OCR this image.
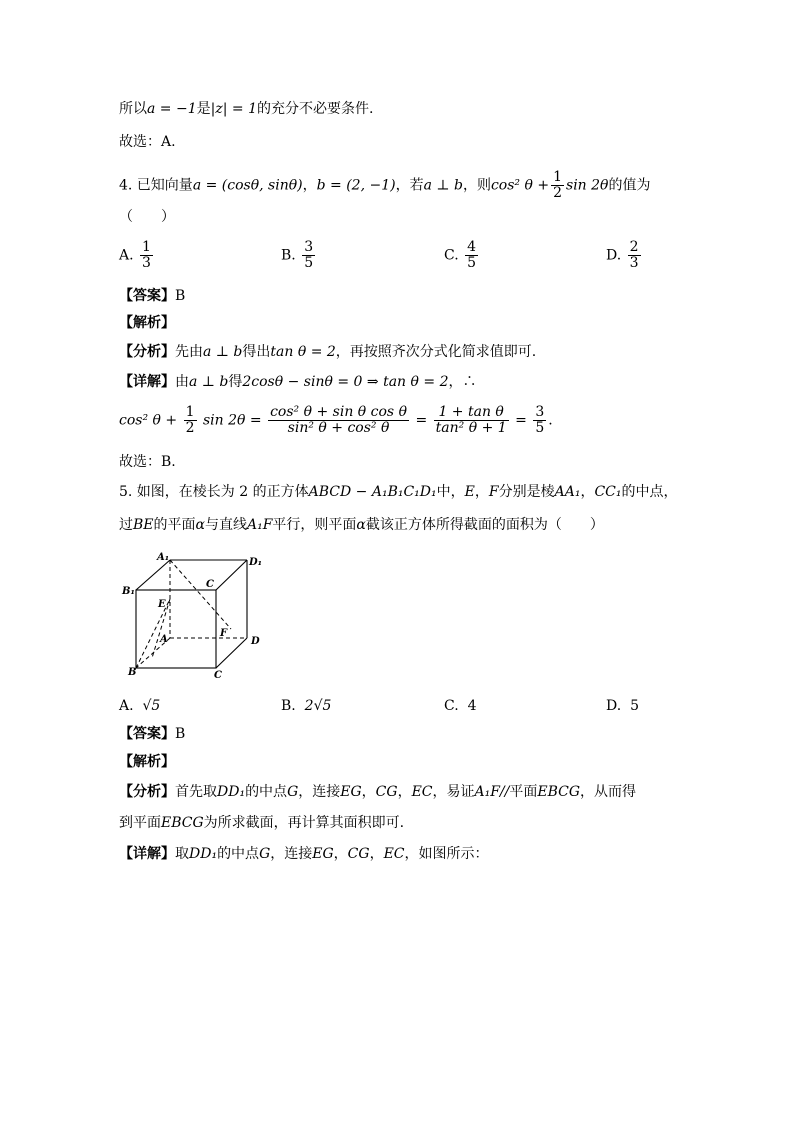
所以a = −1是|z| = 1的充分不必要条件.
故选：A.
4. 已知向量a = (cosθ, sinθ)，b = (2, −1)，若a ⊥ b，则cos² $\theta + \frac{1}{2}$ sin 2θ的值为
（　　）
A. $\frac{1}{3}$	B. $\frac{3}{5}$	C. $\frac{4}{5}$	D. $\frac{2}{3}$
【答案】B
【解析】
【分析】先由a ⊥ b得出tan θ = 2，再按照齐次分式化简求值即可.
【详解】由a ⊥ b得2cosθ − sinθ = 0 ⇒ tan θ = 2，∴
cos² $\theta + \frac{1}{2}$ $\sin 2\theta = \frac{\text{cos² θ + sin θ cos θ}}{\text{sin² θ + cos² θ}} = \frac{\text{1 + tan θ}}{\text{tan² θ + 1}} = \frac{3}{5}$ .
故选：B.
5. 如图，在棱长为 2 的正方体ABCD − A₁B₁C₁D₁中，E，F分别是棱AA₁，CC₁的中点，
过BE的平面α与直线A₁F平行，则平面α截该正方体所得截面的面积为（　　）
A₁	D₁
B₁
C
E
A
F
D
B	C
A. √5	B. 2√5	C. 4	D. 5
【答案】B
【解析】
【分析】首先取DD₁的中点G，连接EG，CG，EC，易证A₁F//平面EBCG，从而得
到平面EBCG为所求截面，再计算其面积即可.
【详解】取DD₁的中点G，连接EG，CG，EC，如图所示：
